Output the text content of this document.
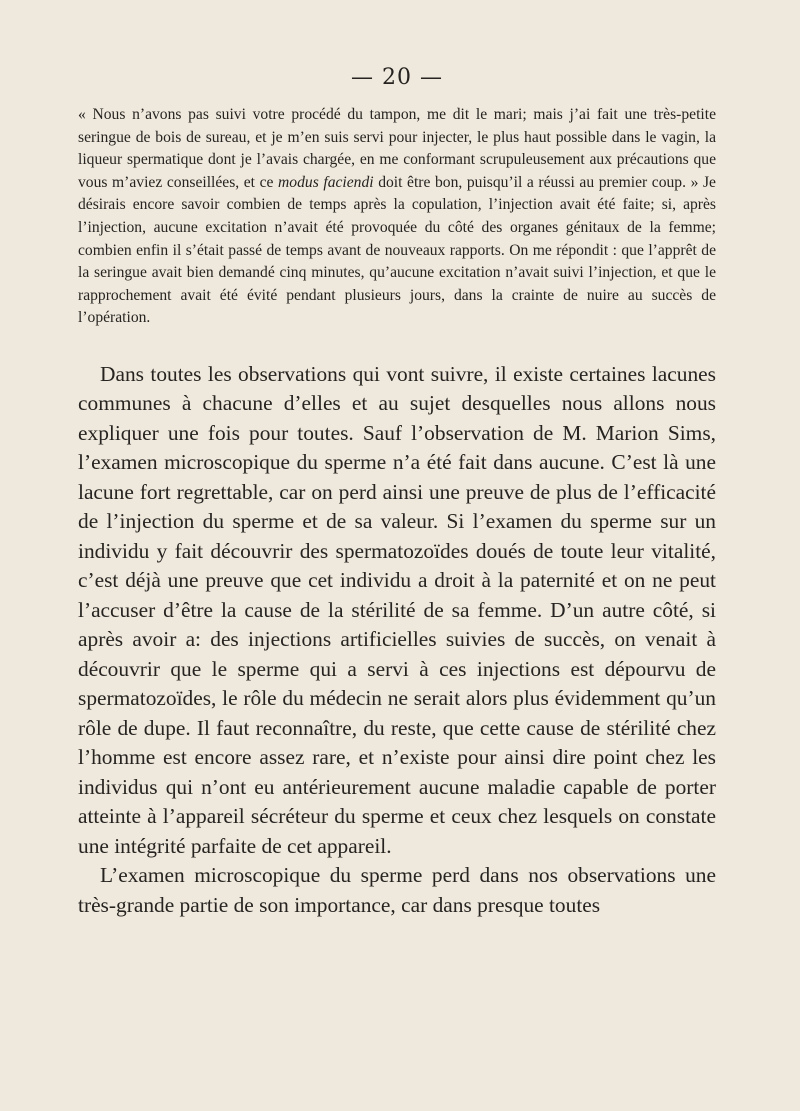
— 20 —

« Nous n’avons pas suivi votre procédé du tampon, me dit le mari; mais j’ai fait une très-petite seringue de bois de sureau, et je m’en suis servi pour injecter, le plus haut possible dans le vagin, la liqueur spermatique dont je l’avais chargée, en me conformant scrupuleusement aux précautions que vous m’aviez conseillées, et ce modus faciendi doit être bon, puisqu’il a réussi au premier coup. » Je désirais encore savoir combien de temps après la copulation, l’injection avait été faite; si, après l’injection, aucune excitation n’avait été provoquée du côté des organes génitaux de la femme; combien enfin il s’était passé de temps avant de nouveaux rapports. On me répondit : que l’apprêt de la seringue avait bien demandé cinq minutes, qu’aucune excitation n’avait suivi l’injection, et que le rapprochement avait été évité pendant plusieurs jours, dans la crainte de nuire au succès de l’opération.

Dans toutes les observations qui vont suivre, il existe certaines lacunes communes à chacune d’elles et au sujet desquelles nous allons nous expliquer une fois pour toutes. Sauf l’observation de M. Marion Sims, l’examen microscopique du sperme n’a été fait dans aucune. C’est là une lacune fort regrettable, car on perd ainsi une preuve de plus de l’efficacité de l’injection du sperme et de sa valeur. Si l’examen du sperme sur un individu y fait découvrir des spermatozoïdes doués de toute leur vitalité, c’est déjà une preuve que cet individu a droit à la paternité et on ne peut l’accuser d’être la cause de la stérilité de sa femme. D’un autre côté, si après avoir a: des injections artificielles suivies de succès, on venait à découvrir que le sperme qui a servi à ces injections est dépourvu de spermatozoïdes, le rôle du médecin ne serait alors plus évidemment qu’un rôle de dupe. Il faut reconnaître, du reste, que cette cause de stérilité chez l’homme est encore assez rare, et n’existe pour ainsi dire point chez les individus qui n’ont eu antérieurement aucune maladie capable de porter atteinte à l’appareil sécréteur du sperme et ceux chez lesquels on constate une intégrité parfaite de cet appareil.

L’examen microscopique du sperme perd dans nos observations une très-grande partie de son importance, car dans presque toutes
